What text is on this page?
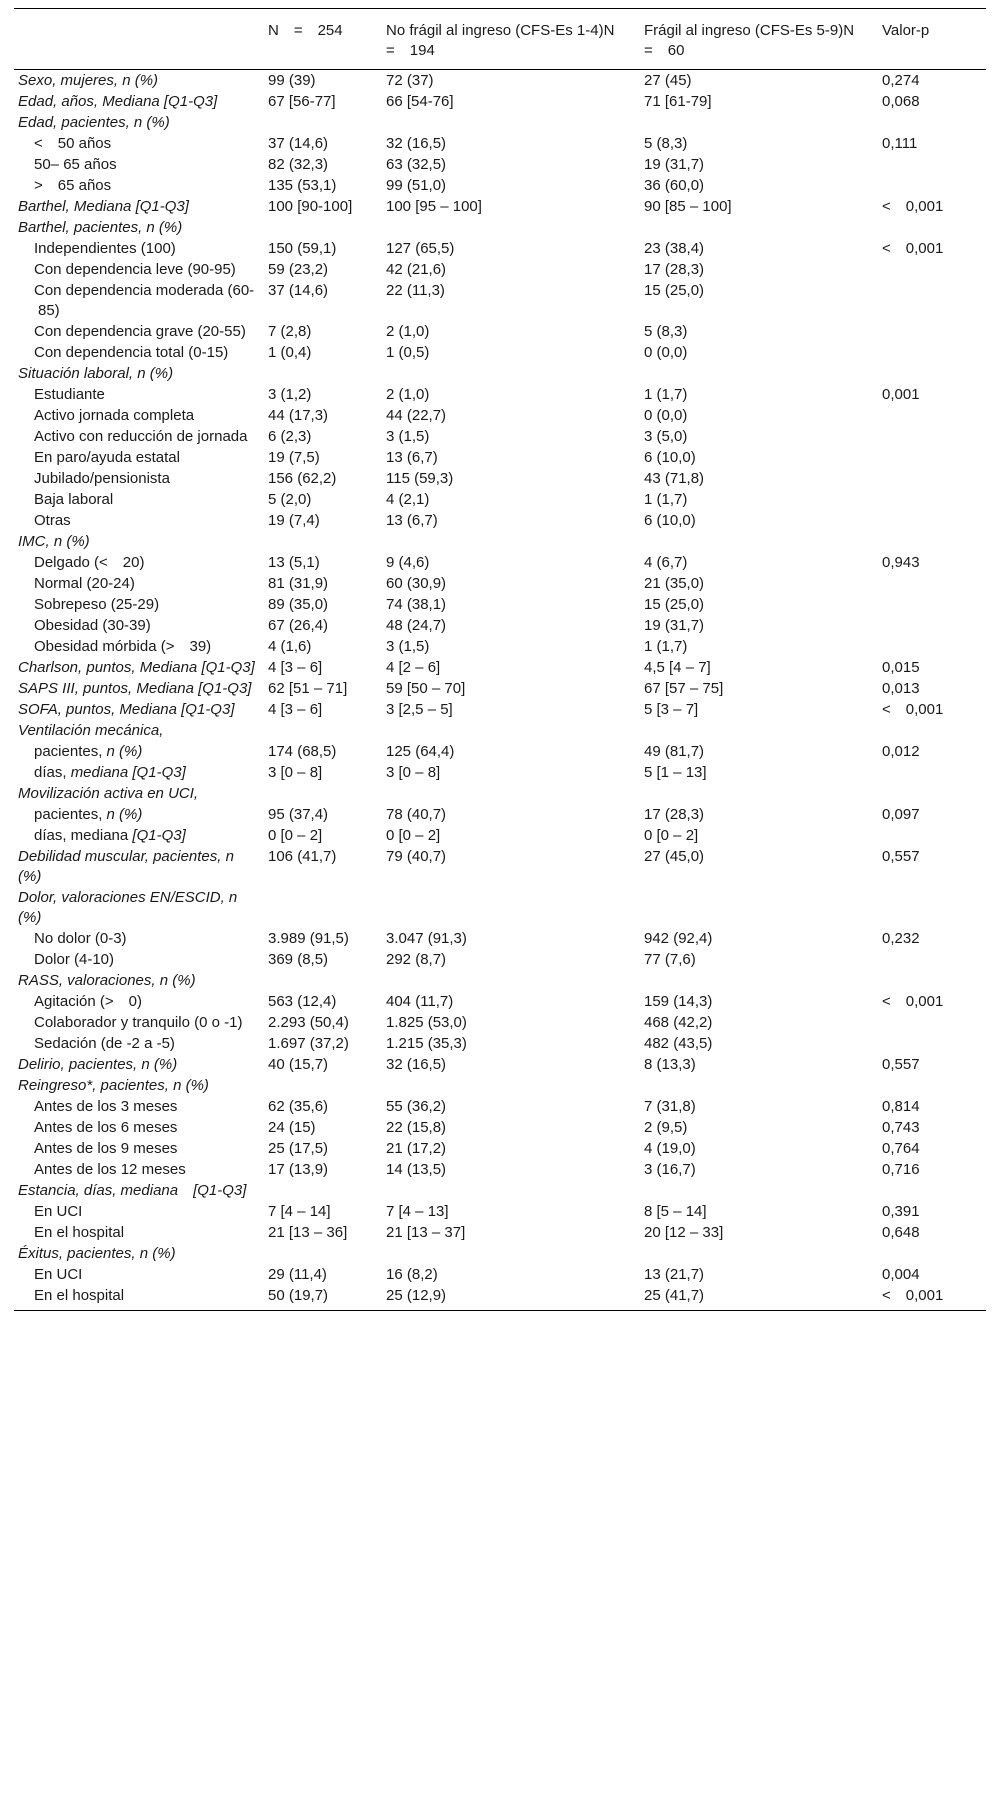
	N = 254	No frágil al ingreso (CFS-Es 1-4)N = 194	Frágil al ingreso (CFS-Es 5-9)N = 60	Valor-p
Sexo, mujeres, n (%)	99 (39)	72 (37)	27 (45)	0,274
Edad, años, Mediana [Q1-Q3]	67 [56-77]	66 [54-76]	71 [61-79]	0,068
Edad, pacientes, n (%)				
< 50 años	37 (14,6)	32 (16,5)	5 (8,3)	0,111
50– 65 años	82 (32,3)	63 (32,5)	19 (31,7)	
> 65 años	135 (53,1)	99 (51,0)	36 (60,0)	
Barthel, Mediana [Q1-Q3]	100 [90-100]	100 [95 – 100]	90 [85 – 100]	< 0,001
Barthel, pacientes, n (%)				
Independientes (100)	150 (59,1)	127 (65,5)	23 (38,4)	< 0,001
Con dependencia leve (90-95)	59 (23,2)	42 (21,6)	17 (28,3)	
Con dependencia moderada (60-85)	37 (14,6)	22 (11,3)	15 (25,0)	
Con dependencia grave (20-55)	7 (2,8)	2 (1,0)	5 (8,3)	
Con dependencia total (0-15)	1 (0,4)	1 (0,5)	0 (0,0)	
Situación laboral, n (%)				
Estudiante	3 (1,2)	2 (1,0)	1 (1,7)	0,001
Activo jornada completa	44 (17,3)	44 (22,7)	0 (0,0)	
Activo con reducción de jornada	6 (2,3)	3 (1,5)	3 (5,0)	
En paro/ayuda estatal	19 (7,5)	13 (6,7)	6 (10,0)	
Jubilado/pensionista	156 (62,2)	115 (59,3)	43 (71,8)	
Baja laboral	5 (2,0)	4 (2,1)	1 (1,7)	
Otras	19 (7,4)	13 (6,7)	6 (10,0)	
IMC, n (%)				
Delgado (< 20)	13 (5,1)	9 (4,6)	4 (6,7)	0,943
Normal (20-24)	81 (31,9)	60 (30,9)	21 (35,0)	
Sobrepeso (25-29)	89 (35,0)	74 (38,1)	15 (25,0)	
Obesidad (30-39)	67 (26,4)	48 (24,7)	19 (31,7)	
Obesidad mórbida (> 39)	4 (1,6)	3 (1,5)	1 (1,7)	
Charlson, puntos, Mediana [Q1-Q3]	4 [3 – 6]	4 [2 – 6]	4,5 [4 – 7]	0,015
SAPS III, puntos, Mediana [Q1-Q3]	62 [51 – 71]	59 [50 – 70]	67 [57 – 75]	0,013
SOFA, puntos, Mediana [Q1-Q3]	4 [3 – 6]	3 [2,5 – 5]	5 [3 – 7]	< 0,001
Ventilación mecánica,				
pacientes, n (%)	174 (68,5)	125 (64,4)	49 (81,7)	0,012
días, mediana [Q1-Q3]	3 [0 – 8]	3 [0 – 8]	5 [1 – 13]	
Movilización activa en UCI,				
pacientes, n (%)	95 (37,4)	78 (40,7)	17 (28,3)	0,097
días, mediana [Q1-Q3]	0 [0 – 2]	0 [0 – 2]	0 [0 – 2]	
Debilidad muscular, pacientes, n (%)	106 (41,7)	79 (40,7)	27 (45,0)	0,557
Dolor, valoraciones EN/ESCID, n (%)				
No dolor (0-3)	3.989 (91,5)	3.047 (91,3)	942 (92,4)	0,232
Dolor (4-10)	369 (8,5)	292 (8,7)	77 (7,6)	
RASS, valoraciones, n (%)				
Agitación (> 0)	563 (12,4)	404 (11,7)	159 (14,3)	< 0,001
Colaborador y tranquilo (0 o -1)	2.293 (50,4)	1.825 (53,0)	468 (42,2)	
Sedación (de -2 a -5)	1.697 (37,2)	1.215 (35,3)	482 (43,5)	
Delirio, pacientes, n (%)	40 (15,7)	32 (16,5)	8 (13,3)	0,557
Reingreso*, pacientes, n (%)				
Antes de los 3 meses	62 (35,6)	55 (36,2)	7 (31,8)	0,814
Antes de los 6 meses	24 (15)	22 (15,8)	2 (9,5)	0,743
Antes de los 9 meses	25 (17,5)	21 (17,2)	4 (19,0)	0,764
Antes de los 12 meses	17 (13,9)	14 (13,5)	3 (16,7)	0,716
Estancia, días, mediana [Q1-Q3]				
En UCI	7 [4 – 14]	7 [4 – 13]	8 [5 – 14]	0,391
En el hospital	21 [13 – 36]	21 [13 – 37]	20 [12 – 33]	0,648
Éxitus, pacientes, n (%)				
En UCI	29 (11,4)	16 (8,2)	13 (21,7)	0,004
En el hospital	50 (19,7)	25 (12,9)	25 (41,7)	< 0,001
